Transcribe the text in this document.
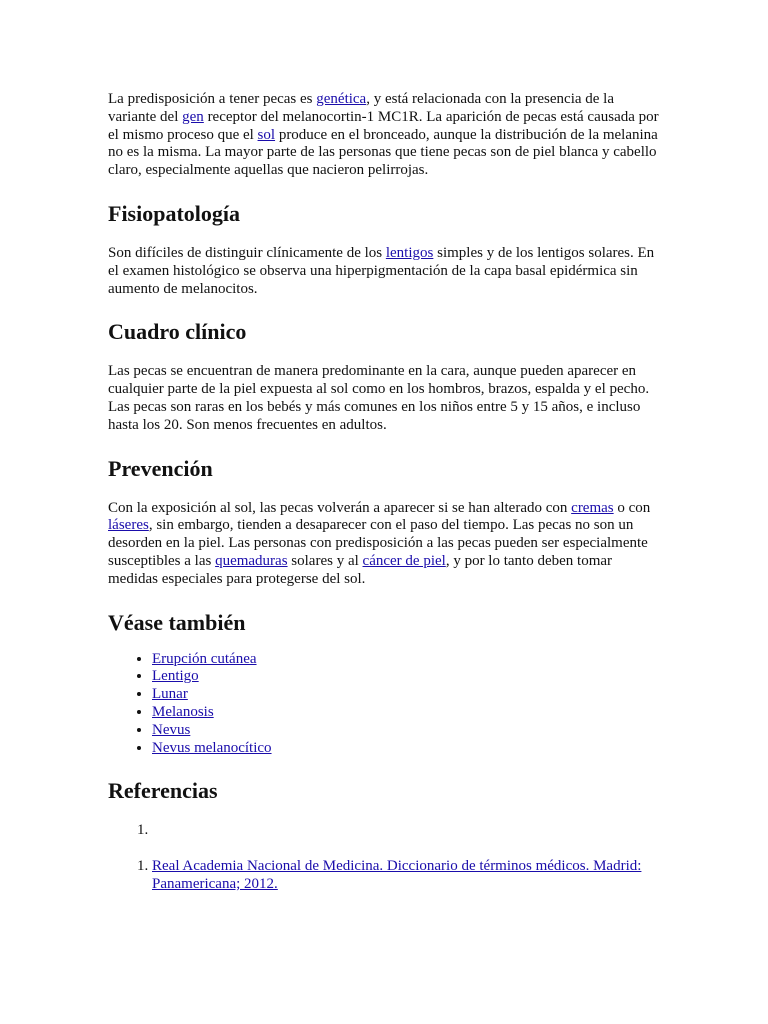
La predisposición a tener pecas es genética, y está relacionada con la presencia de la variante del gen receptor del melanocortin-1 MC1R. La aparición de pecas está causada por el mismo proceso que el sol produce en el bronceado, aunque la distribución de la melanina no es la misma. La mayor parte de las personas que tiene pecas son de piel blanca y cabello claro, especialmente aquellas que nacieron pelirrojas.

Fisiopatología

Son difíciles de distinguir clínicamente de los lentigos simples y de los lentigos solares. En el examen histológico se observa una hiperpigmentación de la capa basal epidérmica sin aumento de melanocitos.

Cuadro clínico

Las pecas se encuentran de manera predominante en la cara, aunque pueden aparecer en cualquier parte de la piel expuesta al sol como en los hombros, brazos, espalda y el pecho. Las pecas son raras en los bebés y más comunes en los niños entre 5 y 15 años, e incluso hasta los 20. Son menos frecuentes en adultos.

Prevención

Con la exposición al sol, las pecas volverán a aparecer si se han alterado con cremas o con láseres, sin embargo, tienden a desaparecer con el paso del tiempo. Las pecas no son un desorden en la piel. Las personas con predisposición a las pecas pueden ser especialmente susceptibles a las quemaduras solares y al cáncer de piel, y por lo tanto deben tomar medidas especiales para protegerse del sol.

Véase también
• Erupción cutánea
• Lentigo
• Lunar
• Melanosis
• Nevus
• Nevus melanocítico
Referencias
1.
1. Real Academia Nacional de Medicina. Diccionario de términos médicos. Madrid: Panamericana; 2012.
